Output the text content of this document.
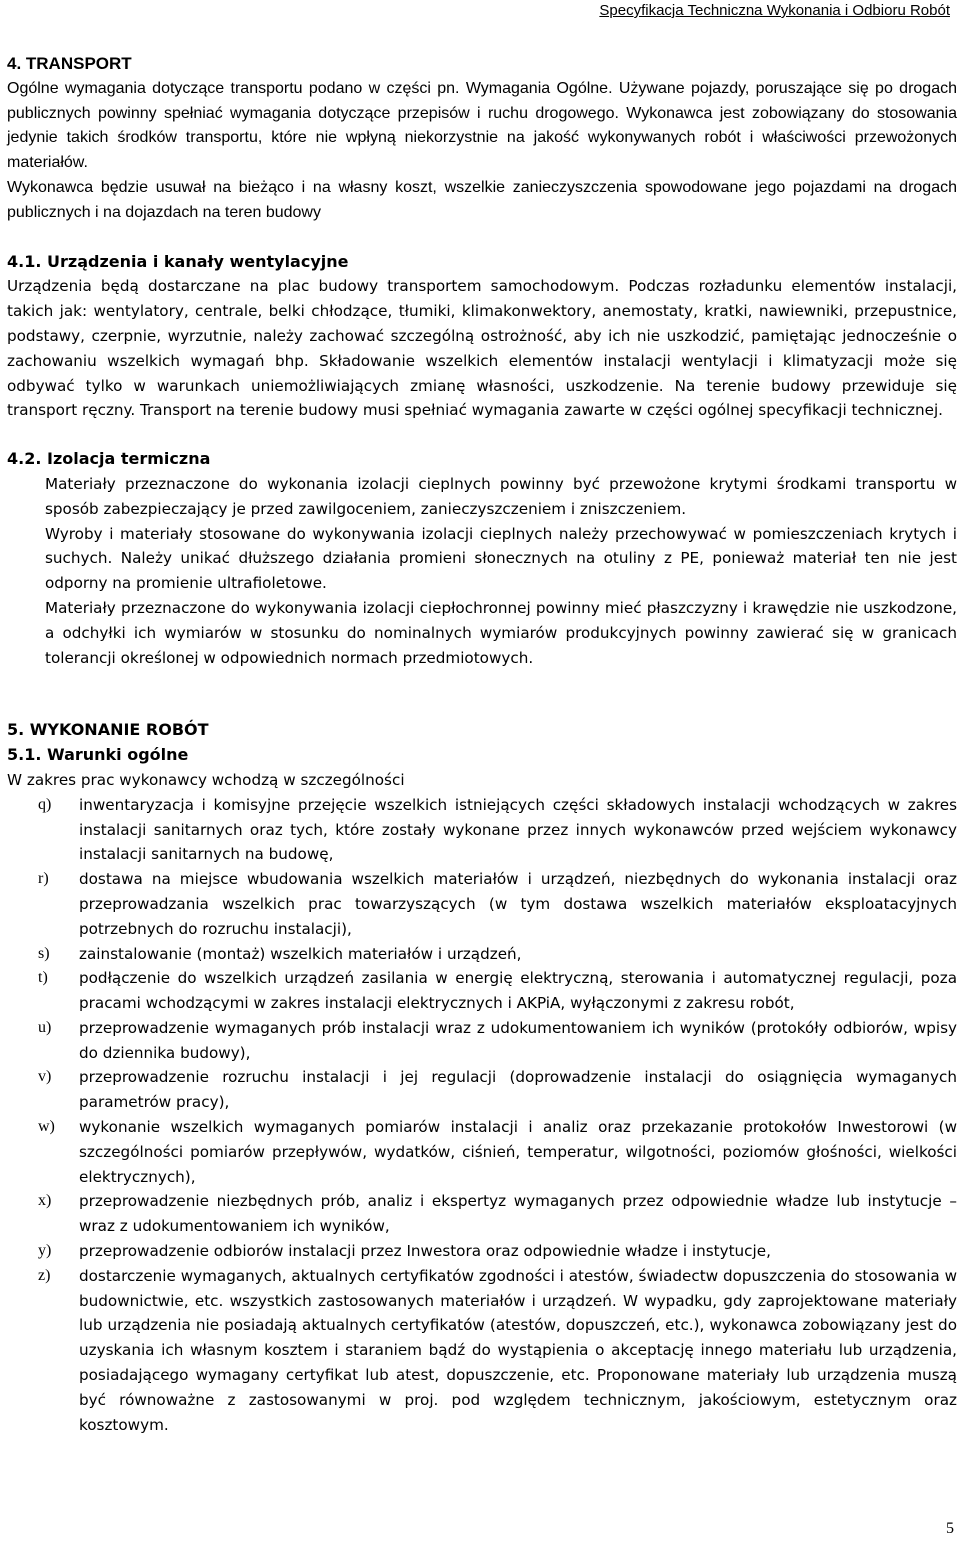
Specyfikacja Techniczna Wykonania i Odbioru Robót
4. TRANSPORT

Ogólne wymagania dotyczące transportu podano w części pn. Wymagania Ogólne. Używane pojazdy, poruszające się po drogach publicznych powinny spełniać wymagania dotyczące przepisów i ruchu drogowego. Wykonawca jest zobowiązany do stosowania jedynie takich środków transportu, które nie wpłyną niekorzystnie na jakość wykonywanych robót i właściwości przewożonych materiałów.

Wykonawca będzie usuwał na bieżąco i na własny koszt, wszelkie zanieczyszczenia spowodowane jego pojazdami na drogach publicznych i na dojazdach na teren budowy

4.1. Urządzenia i kanały wentylacyjne

Urządzenia będą dostarczane na plac budowy transportem samochodowym. Podczas rozładunku elementów instalacji, takich jak: wentylatory, centrale, belki chłodzące, tłumiki, klimakonwektory, anemostaty, kratki, nawiewniki, przepustnice, podstawy, czerpnie, wyrzutnie, należy zachować szczególną ostrożność, aby ich nie uszkodzić, pamiętając jednocześnie o zachowaniu wszelkich wymagań bhp. Składowanie wszelkich elementów instalacji wentylacji i klimatyzacji może się odbywać tylko w warunkach uniemożliwiających zmianę własności, uszkodzenie. Na terenie budowy przewiduje się transport ręczny. Transport na terenie budowy musi spełniać wymagania zawarte w części ogólnej specyfikacji technicznej.

4.2. Izolacja termiczna

Materiały przeznaczone do wykonania izolacji cieplnych powinny być przewożone krytymi środkami transportu w sposób zabezpieczający je przed zawilgoceniem, zanieczyszczeniem i zniszczeniem.

Wyroby i materiały stosowane do wykonywania izolacji cieplnych należy przechowywać w pomieszczeniach krytych i suchych. Należy unikać dłuższego działania promieni słonecznych na otuliny z PE, ponieważ materiał ten nie jest odporny na promienie ultrafioletowe.

Materiały przeznaczone do wykonywania izolacji ciepłochronnej powinny mieć płaszczyzny i krawędzie nie uszkodzone, a odchyłki ich wymiarów w stosunku do nominalnych wymiarów produkcyjnych powinny zawierać się w granicach tolerancji określonej w odpowiednich normach przedmiotowych.

5. WYKONANIE ROBÓT
5.1. Warunki ogólne

W zakres prac wykonawcy wchodzą w szczególności

q)	inwentaryzacja i komisyjne przejęcie wszelkich istniejących części składowych instalacji wchodzących w zakres instalacji sanitarnych oraz tych, które zostały wykonane przez innych wykonawców przed wejściem wykonawcy instalacji sanitarnych na budowę,
r)	dostawa na miejsce wbudowania wszelkich materiałów i urządzeń, niezbędnych do wykonania instalacji oraz przeprowadzania wszelkich prac towarzyszących (w tym dostawa wszelkich materiałów eksploatacyjnych potrzebnych do rozruchu instalacji),
s)	zainstalowanie (montaż) wszelkich materiałów i urządzeń,
t)	podłączenie do wszelkich urządzeń zasilania w energię elektryczną, sterowania i automatycznej regulacji, poza pracami wchodzącymi w zakres instalacji elektrycznych i AKPiA, wyłączonymi z zakresu robót,
u)	przeprowadzenie wymaganych prób instalacji wraz z udokumentowaniem ich wyników (protokóły odbiorów, wpisy do dziennika budowy),
v)	przeprowadzenie rozruchu instalacji i jej regulacji (doprowadzenie instalacji do osiągnięcia wymaganych parametrów pracy),
w)	wykonanie wszelkich wymaganych pomiarów instalacji i analiz oraz przekazanie protokołów Inwestorowi (w szczególności pomiarów przepływów, wydatków, ciśnień, temperatur, wilgotności, poziomów głośności, wielkości elektrycznych),
x)	przeprowadzenie niezbędnych prób, analiz i ekspertyz wymaganych przez odpowiednie władze lub instytucje – wraz z udokumentowaniem ich wyników,
y)	przeprowadzenie odbiorów instalacji przez Inwestora oraz odpowiednie władze i instytucje,
z)	dostarczenie wymaganych, aktualnych certyfikatów zgodności i atestów, świadectw dopuszczenia do stosowania w budownictwie, etc. wszystkich zastosowanych materiałów i urządzeń. W wypadku, gdy zaprojektowane materiały lub urządzenia nie posiadają aktualnych certyfikatów (atestów, dopuszczeń, etc.), wykonawca zobowiązany jest do uzyskania ich własnym kosztem i staraniem bądź do wystąpienia o akceptację innego materiału lub urządzenia, posiadającego wymagany certyfikat lub atest, dopuszczenie, etc. Proponowane materiały lub urządzenia muszą być równoważne z zastosowanymi w proj. pod względem technicznym, jakościowym, estetycznym oraz kosztowym.
5
